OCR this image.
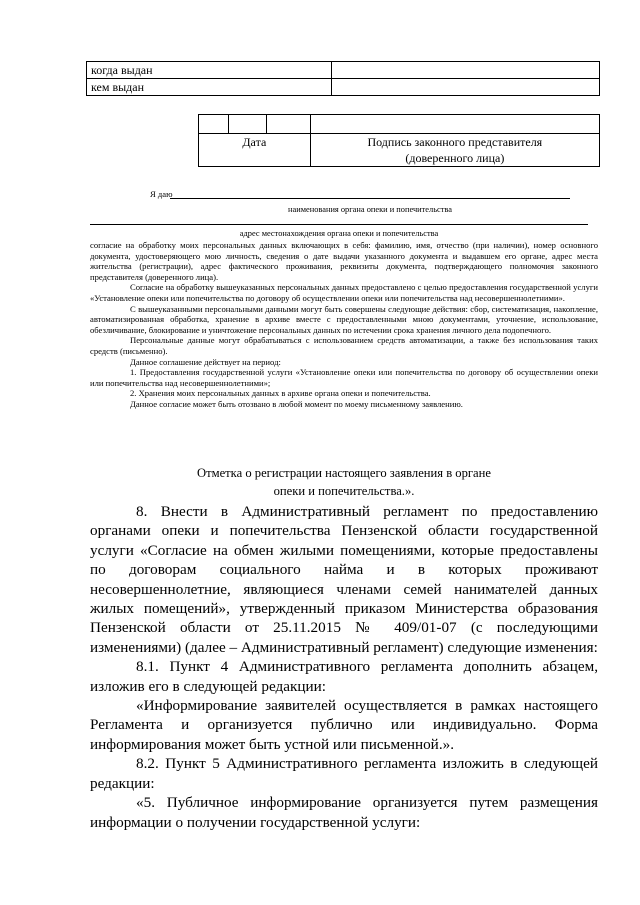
когда выдан	
кем выдан	

Дата			Подпись законного представителя
(доверенного лица)
Я даю
наименования органа опеки и попечительства
адрес местонахождения органа опеки и попечительства

согласие на обработку моих персональных данных включающих в себя: фамилию, имя, отчество (при наличии), номер основного документа, удостоверяющего мою личность, сведения о дате выдачи указанного документа и выдавшем его органе, адрес места жительства (регистрации), адрес фактического проживания, реквизиты документа, подтверждающего полномочия законного представителя (доверенного лица).

Согласие на обработку вышеуказанных персональных данных предоставлено с целью предоставления государственной услуги «Установление опеки или попечительства по договору об осуществлении опеки или попечительства над несовершеннолетними».

С вышеуказанными персональными данными могут быть совершены следующие действия: сбор, систематизация, накопление, автоматизированная обработка, хранение в архиве вместе с предоставленными мною документами, уточнение, использование, обезличивание, блокирование и уничтожение персональных данных по истечении срока хранения личного дела подопечного.

Персональные данные могут обрабатываться с использованием средств автоматизации, а также без использования таких средств (письменно).

Данное соглашение действует на период:

1. Предоставления государственной услуги «Установление опеки или попечительства по договору об осуществлении опеки или попечительства над несовершеннолетними»;

2. Хранения моих персональных данных в архиве органа опеки и попечительства.

Данное согласие может быть отозвано в любой момент по моему письменному заявлению.

Отметка о регистрации настоящего заявления в органе
опеки и попечительства.».

8. Внести в Административный регламент по предоставлению органами опеки и попечительства Пензенской области государственной услуги «Согласие на обмен жилыми помещениями, которые предоставлены по договорам социального найма и в которых проживают несовершеннолетние, являющиеся членами семей нанимателей данных жилых помещений», утвержденный приказом Министерства образования Пензенской области от 25.11.2015 № 409/01-07 (с последующими изменениями) (далее – Административный регламент) следующие изменения:

8.1. Пункт 4 Административного регламента дополнить абзацем, изложив его в следующей редакции:

«Информирование заявителей осуществляется в рамках настоящего Регламента и организуется публично или индивидуально. Форма информирования может быть устной или письменной.».

8.2. Пункт 5 Административного регламента изложить в следующей редакции:

«5. Публичное информирование организуется путем размещения информации о получении государственной услуги:
